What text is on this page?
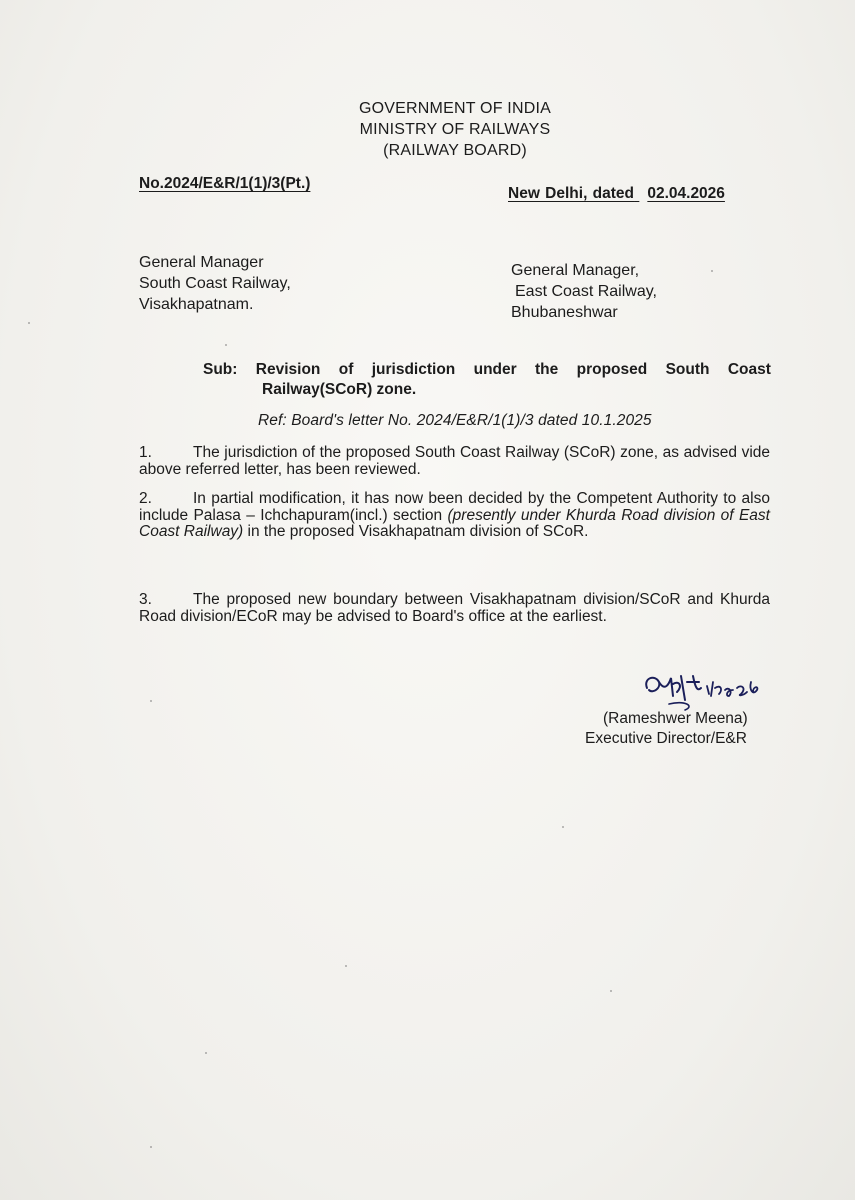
GOVERNMENT OF INDIA
MINISTRY OF RAILWAYS
(RAILWAY BOARD)
No.2024/E&R/1(1)/3(Pt.)
New Delhi, dated 02.04.2026
General Manager
South Coast Railway,
Visakhapatnam.
General Manager,
East Coast Railway,
Bhubaneshwar
Sub: Revision of jurisdiction under the proposed South Coast
Railway(SCoR) zone.
Ref: Board's letter No. 2024/E&R/1(1)/3 dated 10.1.2025
1.	The jurisdiction of the proposed South Coast Railway (SCoR) zone, as advised vide above referred letter, has been reviewed.
2.	In partial modification, it has now been decided by the Competent Authority to also include Palasa – Ichchapuram(incl.) section (presently under Khurda Road division of East Coast Railway) in the proposed Visakhapatnam division of SCoR.
3.	The proposed new boundary between Visakhapatnam division/SCoR and Khurda Road division/ECoR may be advised to Board's office at the earliest.
(Rameshwer Meena)
Executive Director/E&R
